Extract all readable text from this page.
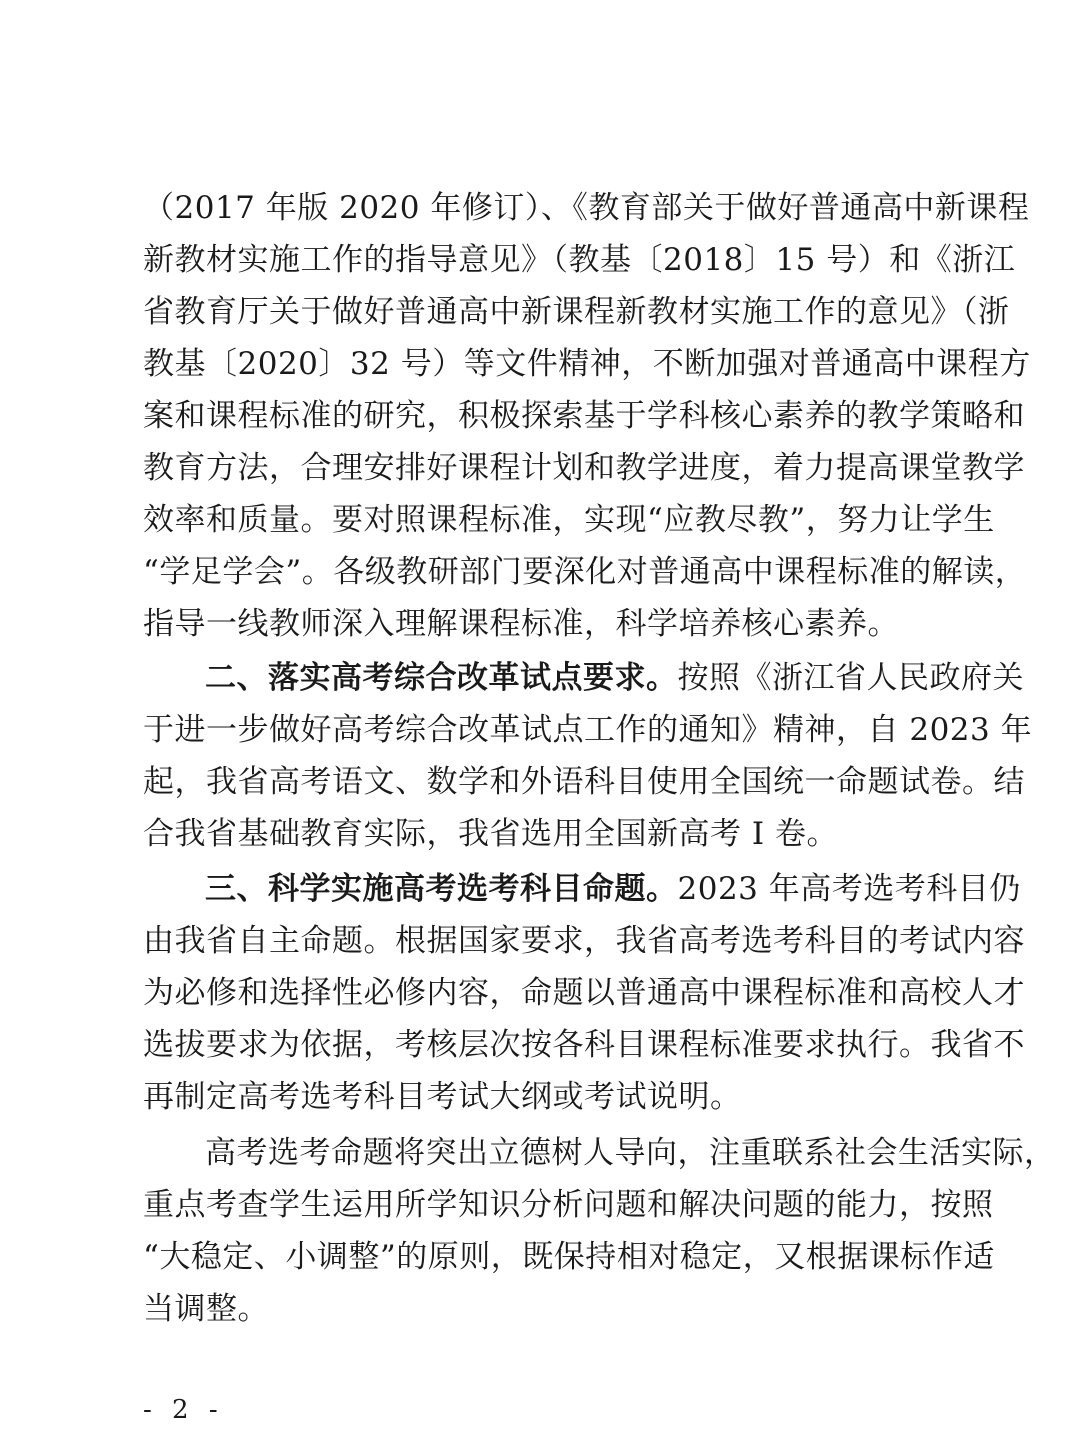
（2017 年版 2020 年修订）、《教育部关于做好普通高中新课程
新教材实施工作的指导意见》（教基〔2018〕15 号）和《浙江
省教育厅关于做好普通高中新课程新教材实施工作的意见》（浙
教基〔2020〕32 号）等文件精神，不断加强对普通高中课程方
案和课程标准的研究，积极探索基于学科核心素养的教学策略和
教育方法，合理安排好课程计划和教学进度，着力提高课堂教学
效率和质量。要对照课程标准，实现“应教尽教”，努力让学生
“学足学会”。各级教研部门要深化对普通高中课程标准的解读，
指导一线教师深入理解课程标准，科学培养核心素养。
二、落实高考综合改革试点要求。按照《浙江省人民政府关
于进一步做好高考综合改革试点工作的通知》精神，自 2023 年
起，我省高考语文、数学和外语科目使用全国统一命题试卷。结
合我省基础教育实际，我省选用全国新高考 I 卷。
三、科学实施高考选考科目命题。2023 年高考选考科目仍
由我省自主命题。根据国家要求，我省高考选考科目的考试内容
为必修和选择性必修内容，命题以普通高中课程标准和高校人才
选拔要求为依据，考核层次按各科目课程标准要求执行。我省不
再制定高考选考科目考试大纲或考试说明。
高考选考命题将突出立德树人导向，注重联系社会生活实际，
重点考查学生运用所学知识分析问题和解决问题的能力，按照
“大稳定、小调整”的原则，既保持相对稳定，又根据课标作适
当调整。
- 2 -
